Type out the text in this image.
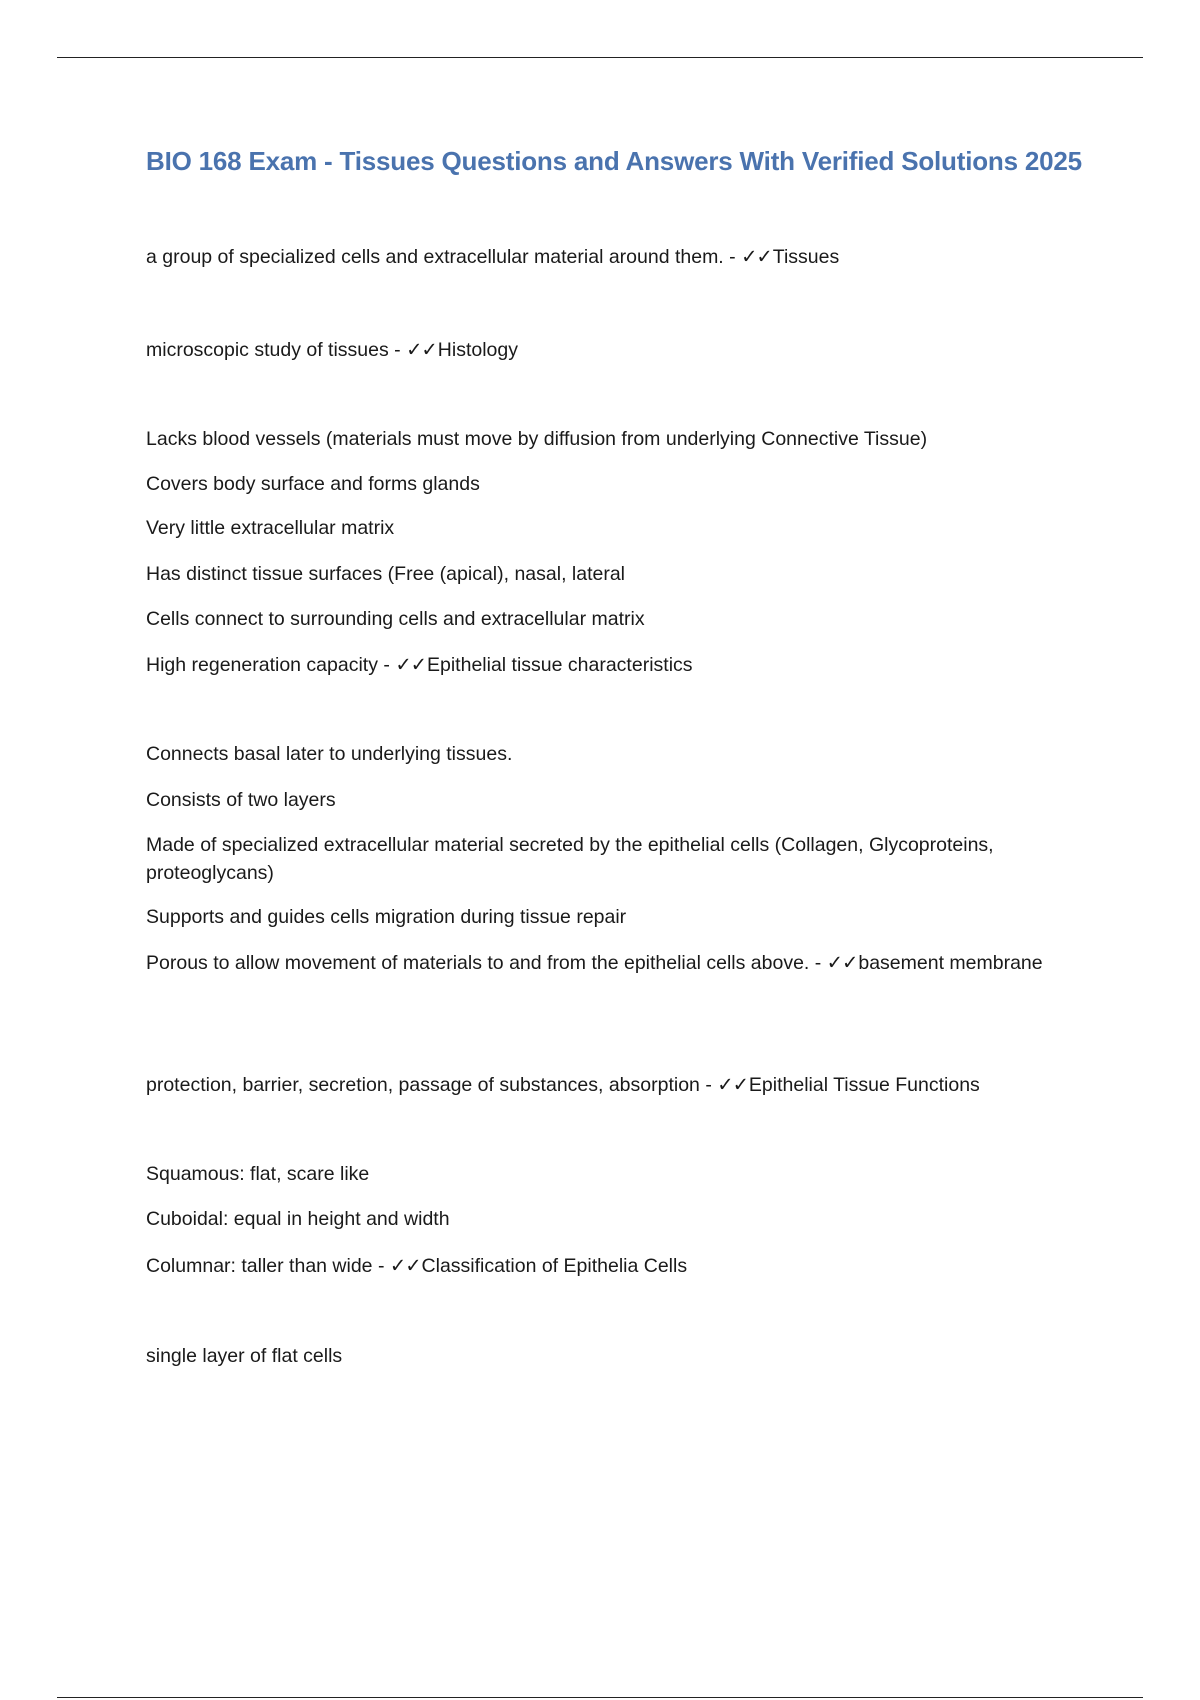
BIO 168 Exam - Tissues Questions and Answers With Verified Solutions 2025

a group of specialized cells and extracellular material around them. - ✓✓Tissues

microscopic study of tissues - ✓✓Histology

Lacks blood vessels (materials must move by diffusion from underlying Connective Tissue)

Covers body surface and forms glands

Very little extracellular matrix

Has distinct tissue surfaces (Free (apical), nasal, lateral

Cells connect to surrounding cells and extracellular matrix

High regeneration capacity - ✓✓Epithelial tissue characteristics

Connects basal later to underlying tissues.

Consists of two layers

Made of specialized extracellular material secreted by the epithelial cells (Collagen, Glycoproteins, proteoglycans)

Supports and guides cells migration during tissue repair

Porous to allow movement of materials to and from the epithelial cells above. - ✓✓basement membrane

protection, barrier, secretion, passage of substances, absorption - ✓✓Epithelial Tissue Functions

Squamous: flat, scare like

Cuboidal: equal in height and width

Columnar: taller than wide - ✓✓Classification of Epithelia Cells

single layer of flat cells
